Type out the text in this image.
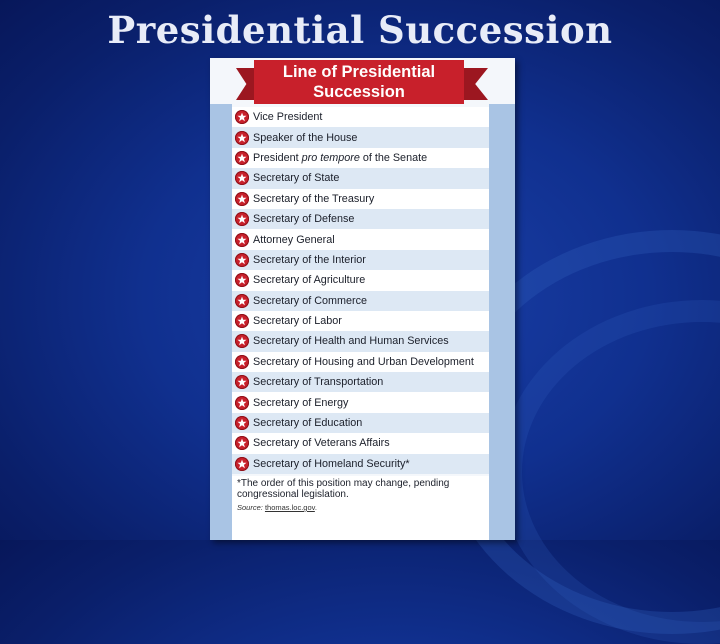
Presidential Succession
Line of Presidential
Succession
Vice President
Speaker of the House
President pro tempore of the Senate
Secretary of State
Secretary of the Treasury
Secretary of Defense
Attorney General
Secretary of the Interior
Secretary of Agriculture
Secretary of Commerce
Secretary of Labor
Secretary of Health and Human Services
Secretary of Housing and Urban Development
Secretary of Transportation
Secretary of Energy
Secretary of Education
Secretary of Veterans Affairs
Secretary of Homeland Security*
*The order of this position may change, pending congressional legislation.
Source: thomas.loc.gov.
